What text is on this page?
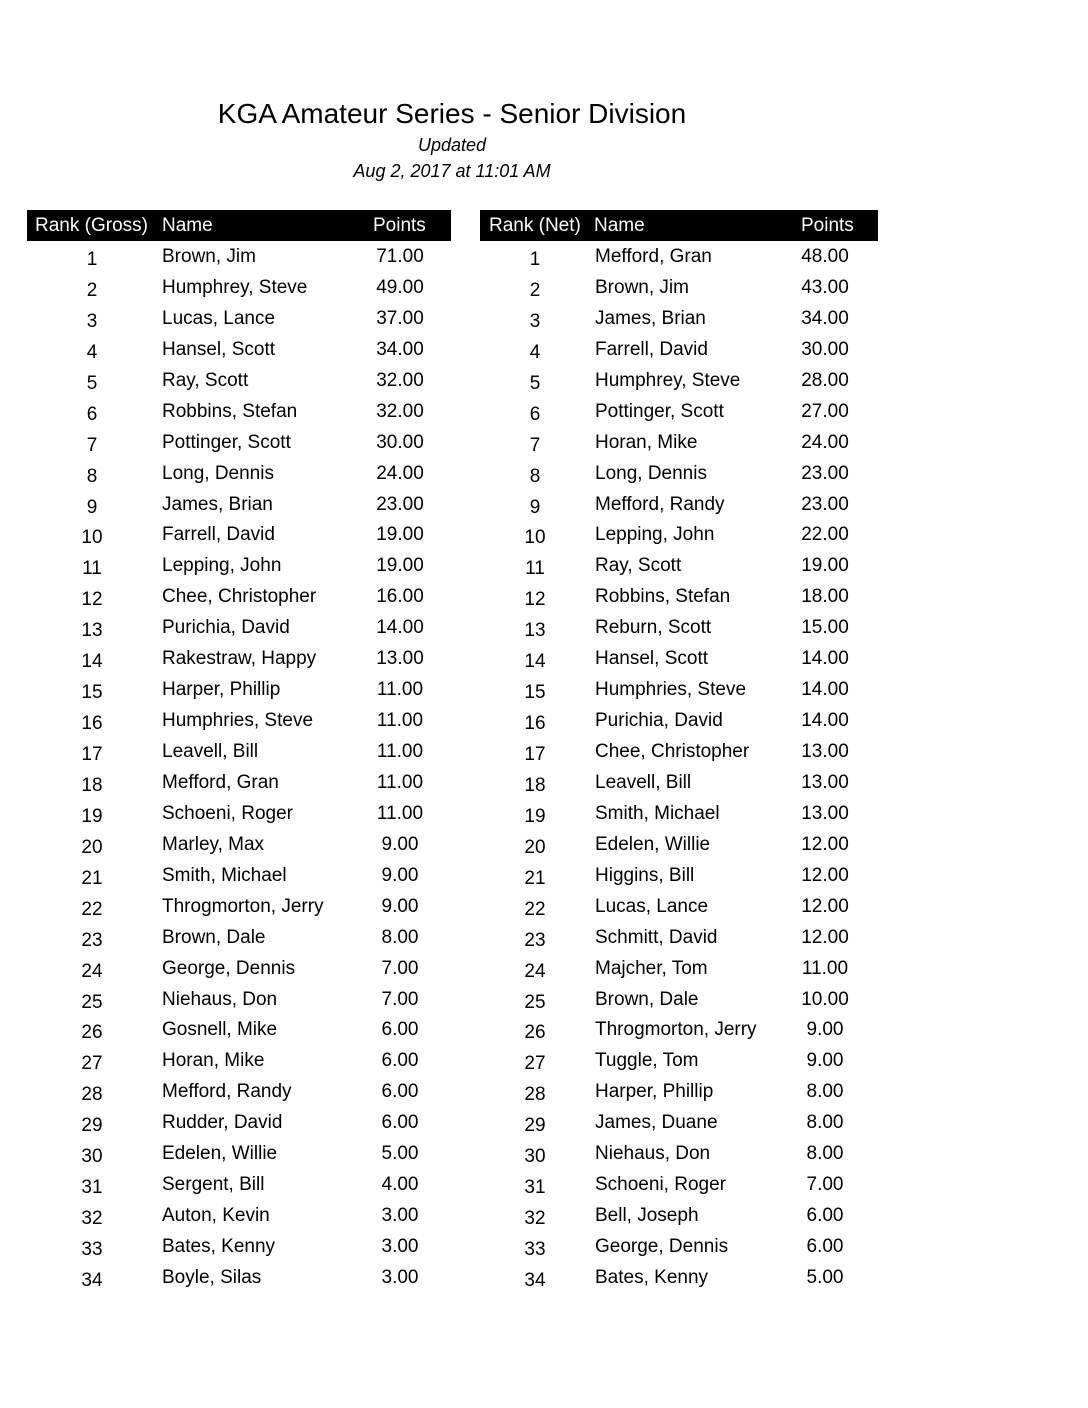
KGA Amateur Series - Senior Division
Updated
Aug 2, 2017 at 11:01 AM
Rank (Gross) Name	Points
1	Brown, Jim	71.00
2	Humphrey, Steve	49.00
3	Lucas, Lance	37.00
4	Hansel, Scott	34.00
5	Ray, Scott	32.00
6	Robbins, Stefan	32.00
7	Pottinger, Scott	30.00
8	Long, Dennis	24.00
9	James, Brian	23.00
10	Farrell, David	19.00
11	Lepping, John	19.00
12	Chee, Christopher	16.00
13	Purichia, David	14.00
14	Rakestraw, Happy	13.00
15	Harper, Phillip	11.00
16	Humphries, Steve	11.00
17	Leavell, Bill	11.00
18	Mefford, Gran	11.00
19	Schoeni, Roger	11.00
20	Marley, Max	9.00
21	Smith, Michael	9.00
22	Throgmorton, Jerry	9.00
23	Brown, Dale	8.00
24	George, Dennis	7.00
25	Niehaus, Don	7.00
26	Gosnell, Mike	6.00
27	Horan, Mike	6.00
28	Mefford, Randy	6.00
29	Rudder, David	6.00
30	Edelen, Willie	5.00
31	Sergent, Bill	4.00
32	Auton, Kevin	3.00
33	Bates, Kenny	3.00
34	Boyle, Silas	3.00
Rank (Net) Name	Points
1	Mefford, Gran	48.00
2	Brown, Jim	43.00
3	James, Brian	34.00
4	Farrell, David	30.00
5	Humphrey, Steve	28.00
6	Pottinger, Scott	27.00
7	Horan, Mike	24.00
8	Long, Dennis	23.00
9	Mefford, Randy	23.00
10	Lepping, John	22.00
11	Ray, Scott	19.00
12	Robbins, Stefan	18.00
13	Reburn, Scott	15.00
14	Hansel, Scott	14.00
15	Humphries, Steve	14.00
16	Purichia, David	14.00
17	Chee, Christopher	13.00
18	Leavell, Bill	13.00
19	Smith, Michael	13.00
20	Edelen, Willie	12.00
21	Higgins, Bill	12.00
22	Lucas, Lance	12.00
23	Schmitt, David	12.00
24	Majcher, Tom	11.00
25	Brown, Dale	10.00
26	Throgmorton, Jerry	9.00
27	Tuggle, Tom	9.00
28	Harper, Phillip	8.00
29	James, Duane	8.00
30	Niehaus, Don	8.00
31	Schoeni, Roger	7.00
32	Bell, Joseph	6.00
33	George, Dennis	6.00
34	Bates, Kenny	5.00
